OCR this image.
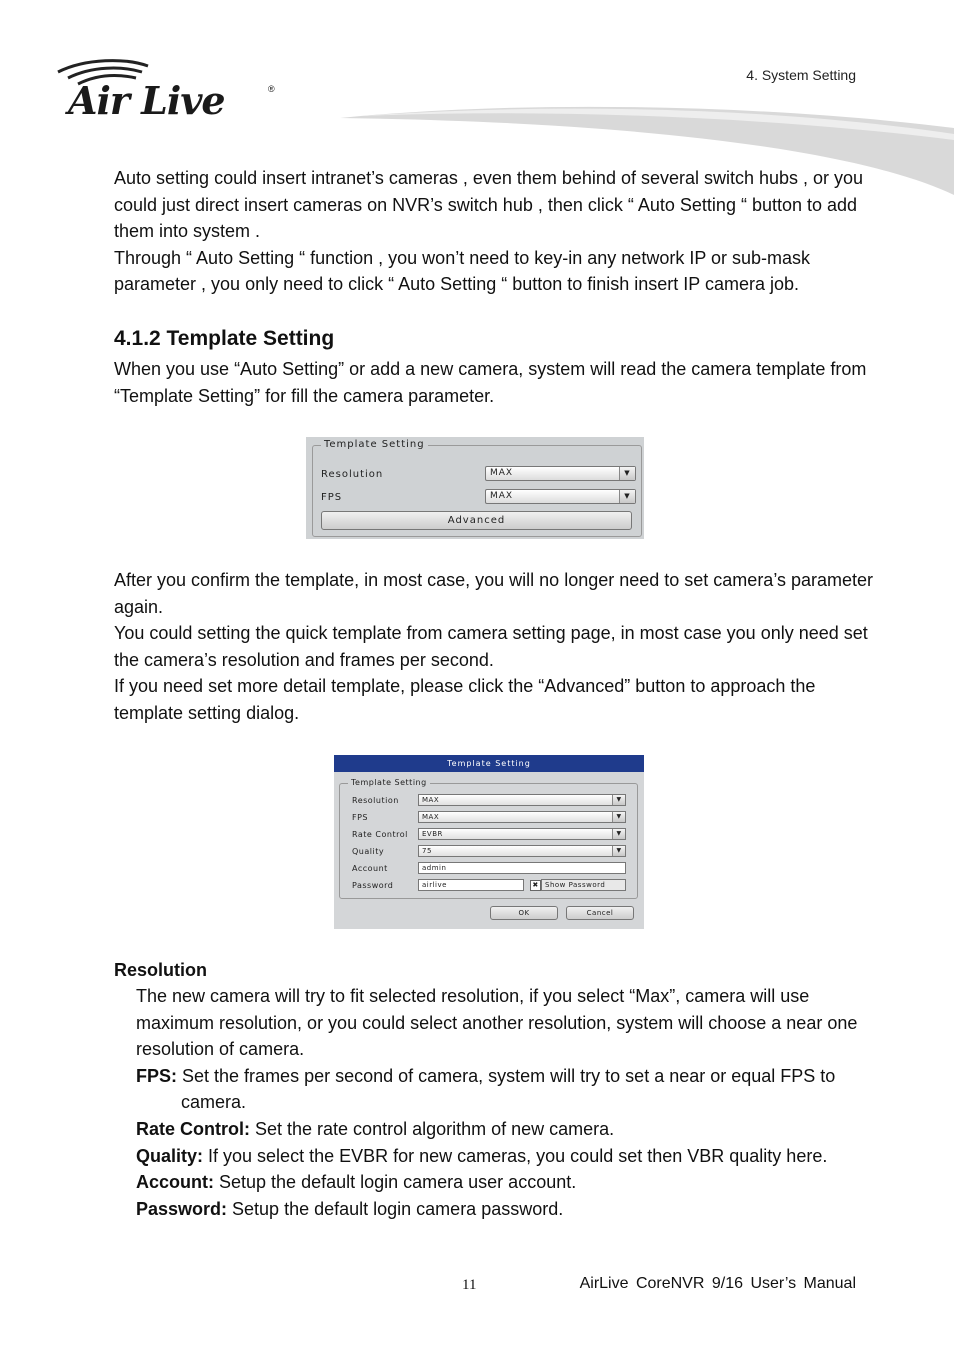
Air Live	®
4. System Setting

Auto setting could insert intranet’s cameras , even them behind of several switch hubs , or you could just direct insert cameras on NVR’s switch hub , then click “ Auto Setting “ button to add them into system .

Through “ Auto Setting “ function , you won’t need to key-in any network IP or sub-mask parameter , you only need to click “ Auto Setting “ button to finish insert IP camera job.

4.1.2 Template Setting

When you use “Auto Setting” or add a new camera, system will read the camera template from “Template Setting” for fill the camera parameter.

Template Setting
Resolution	MAX	▼
FPS	MAX	▼
Advanced

After you confirm the template, in most case, you will no longer need to set camera’s parameter again.

You could setting the quick template from camera setting page, in most case you only need set the camera’s resolution and frames per second.

If you need set more detail template, please click the “Advanced” button to approach the template setting dialog.

Template Setting
Template Setting
Resolution	MAX	▼
FPS	MAX	▼
Rate Control EVBR	▼
Quality	75	▼
Account	admin
Password	airlive	✖ Show Password
OK	Cancel
Resolution

The new camera will try to fit selected resolution, if you select “Max”, camera will use maximum resolution, or you could select another resolution, system will choose a near one resolution of camera.

FPS: Set the frames per second of camera, system will try to set a near or equal FPS to camera.

Rate Control: Set the rate control algorithm of new camera.

Quality: If you select the EVBR for new cameras, you could set then VBR quality here.

Account: Setup the default login camera user account.

Password: Setup the default login camera password.

11	AirLive CoreNVR 9/16 User’s Manual
